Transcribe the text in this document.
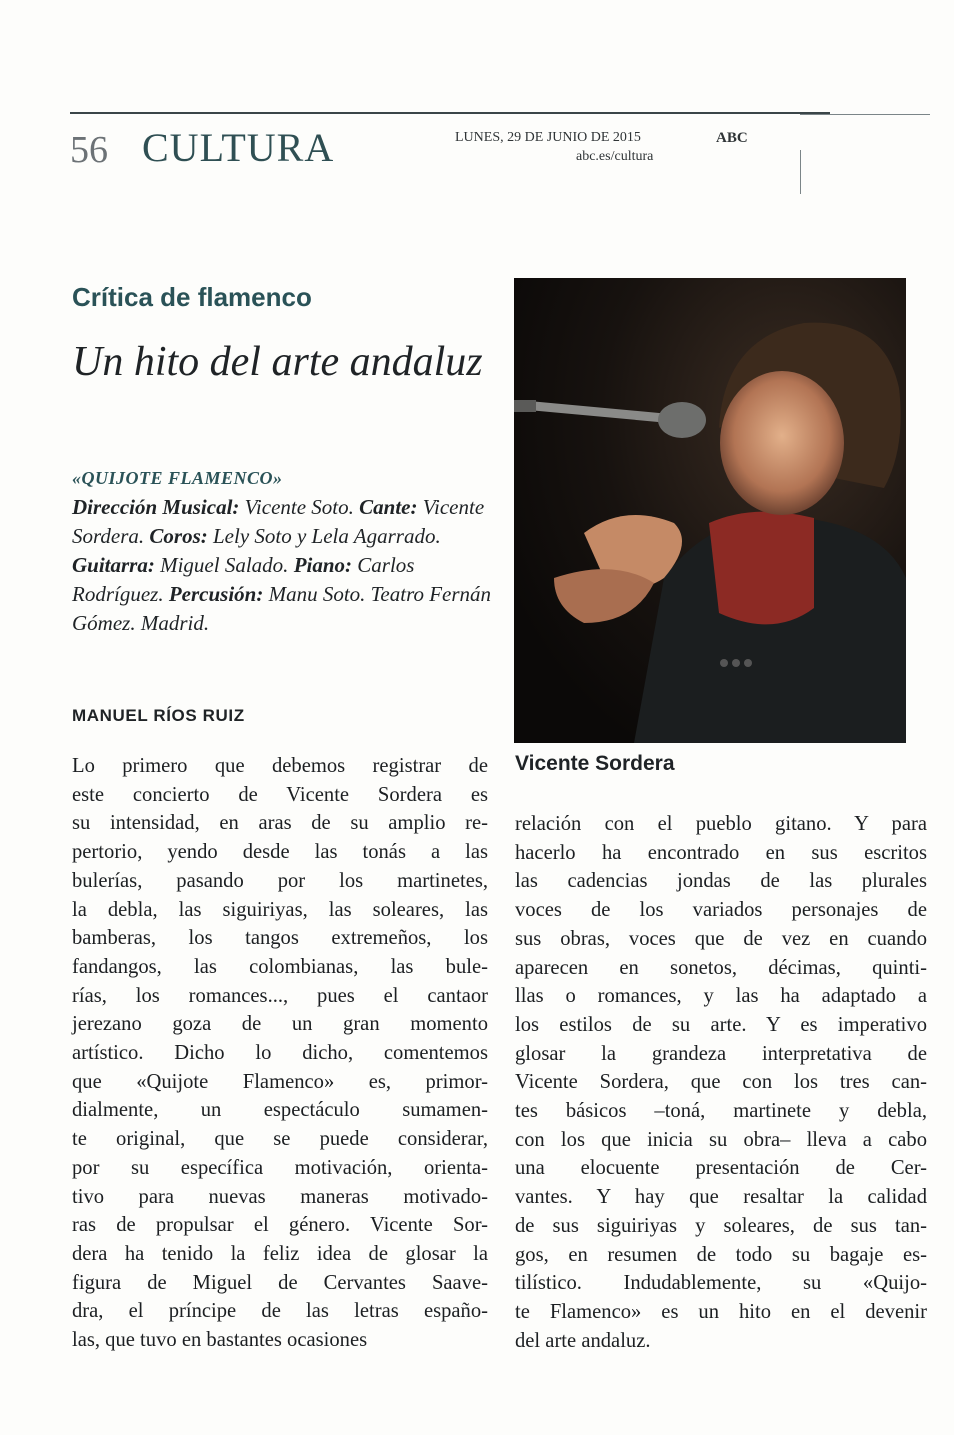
56 CULTURA	LUNES, 29 DE JUNIO DE 2015	ABC
abc.es/cultura
Crítica de flamenco
Un hito del arte andaluz
«QUIJOTE FLAMENCO»
Dirección Musical: Vicente Soto. Cante: Vicente Sordera. Coros: Lely Soto y Lela Agarrado. Guitarra: Miguel Salado. Piano: Carlos Rodríguez. Percusión: Manu Soto. Teatro Fernán Gómez. Madrid.
MANUEL RÍOS RUIZ
Vicente Sordera
Lo primero que debemos registrar de
este concierto de Vicente Sordera es
su intensidad, en aras de su amplio re-
pertorio, yendo desde las tonás a las
bulerías, pasando por los martinetes,
la debla, las siguiriyas, las soleares, las
bamberas, los tangos extremeños, los
fandangos, las colombianas, las bule-
rías, los romances..., pues el cantaor
jerezano goza de un gran momento
artístico. Dicho lo dicho, comentemos
que «Quijote Flamenco» es, primor-
dialmente, un espectáculo sumamen-
te original, que se puede considerar,
por su específica motivación, orienta-
tivo para nuevas maneras motivado-
ras de propulsar el género. Vicente Sor-
dera ha tenido la feliz idea de glosar la
figura de Miguel de Cervantes Saave-
dra, el príncipe de las letras españo-
las, que tuvo en bastantes ocasiones
relación con el pueblo gitano. Y para
hacerlo ha encontrado en sus escritos
las cadencias jondas de las plurales
voces de los variados personajes de
sus obras, voces que de vez en cuando
aparecen en sonetos, décimas, quinti-
llas o romances, y las ha adaptado a
los estilos de su arte. Y es imperativo
glosar la grandeza interpretativa de
Vicente Sordera, que con los tres can-
tes básicos –toná, martinete y debla,
con los que inicia su obra– lleva a cabo
una elocuente presentación de Cer-
vantes. Y hay que resaltar la calidad
de sus siguiriyas y soleares, de sus tan-
gos, en resumen de todo su bagaje es-
tilístico. Indudablemente, su «Quijo-
te Flamenco» es un hito en el devenir
del arte andaluz.
